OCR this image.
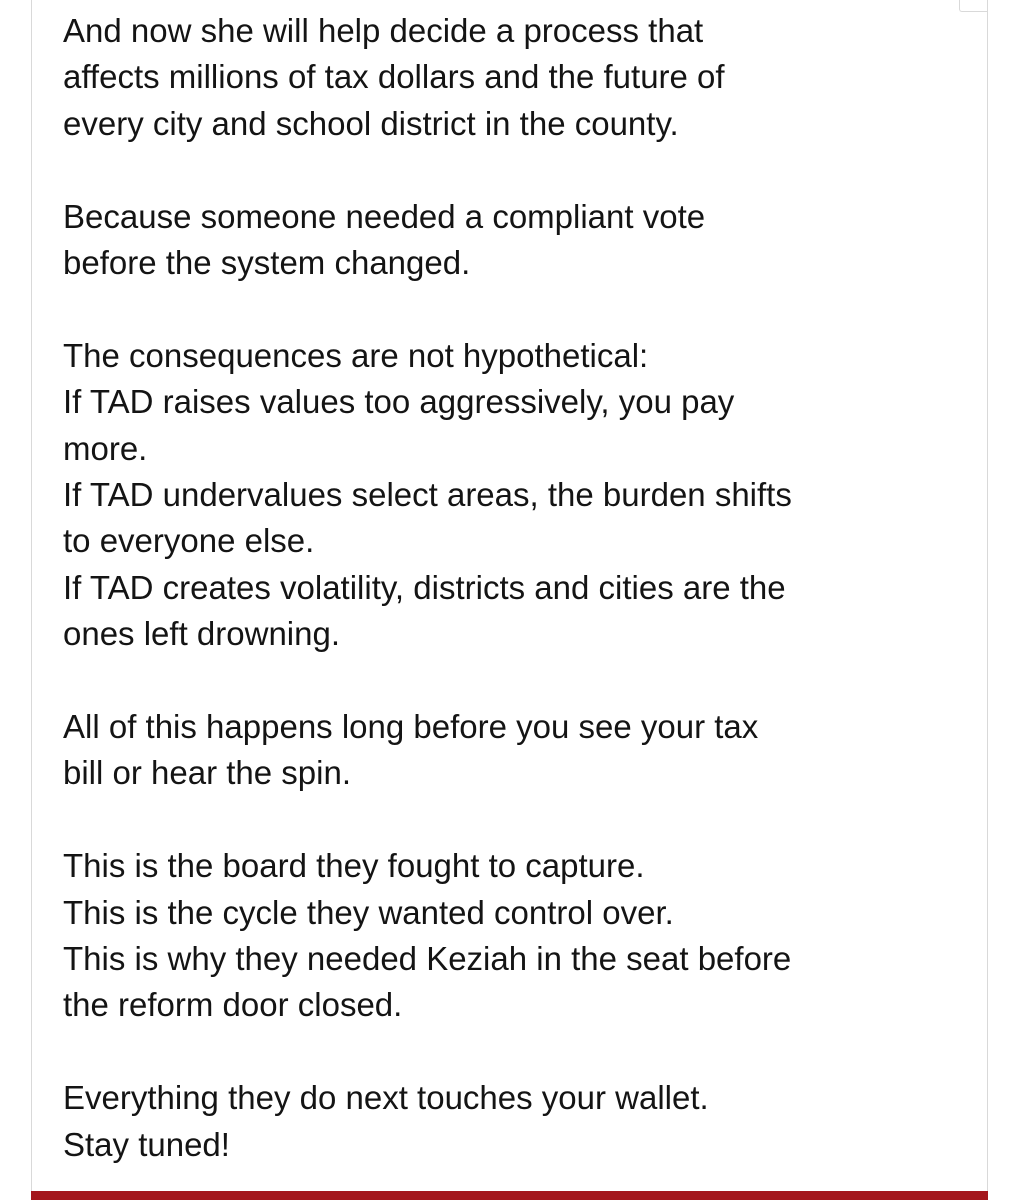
And now she will help decide a process that
affects millions of tax dollars and the future of
every city and school district in the county.

Because someone needed a compliant vote
before the system changed.

The consequences are not hypothetical:
If TAD raises values too aggressively, you pay
more.
If TAD undervalues select areas, the burden shifts
to everyone else.
If TAD creates volatility, districts and cities are the
ones left drowning.

All of this happens long before you see your tax
bill or hear the spin.

This is the board they fought to capture.
This is the cycle they wanted control over.
This is why they needed Keziah in the seat before
the reform door closed.

Everything they do next touches your wallet.
Stay tuned!
